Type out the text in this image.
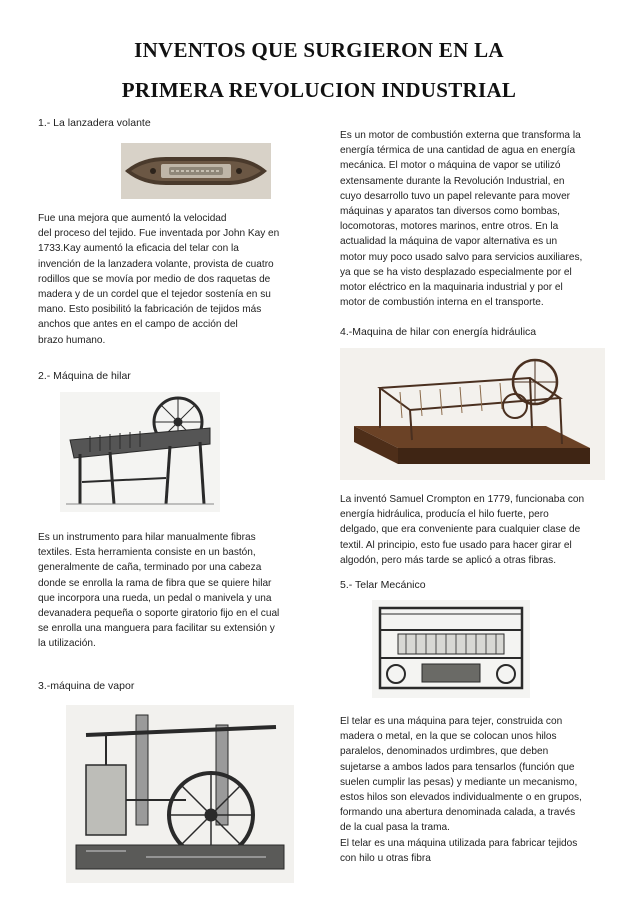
INVENTOS QUE SURGIERON EN LA
PRIMERA REVOLUCION INDUSTRIAL
1.- La lanzadera volante
Fue una mejora que aumentó la velocidad
del proceso del tejido. Fue inventada por John Kay en
1733.Kay aumentó la eficacia del telar con la
invención de la lanzadera volante, provista de cuatro
rodillos que se movía por medio de dos raquetas de
madera y de un cordel que el tejedor sostenía en su
mano. Esto posibilitó la fabricación de tejidos más
anchos que antes en el campo de acción del
brazo humano.
2.- Máquina de hilar
Es un instrumento para hilar manualmente fibras
textiles. Esta herramienta consiste en un bastón,
generalmente de caña, terminado por una cabeza
donde se enrolla la rama de fibra que se quiere hilar
que incorpora una rueda, un pedal o manivela y una
devanadera pequeña o soporte giratorio fijo en el cual
se enrolla una manguera para facilitar su extensión y
la utilización.
3.-máquina de vapor
Es un motor de combustión externa que transforma la
energía térmica de una cantidad de agua en energía
mecánica. El motor o máquina de vapor se utilizó
extensamente durante la Revolución Industrial, en
cuyo desarrollo tuvo un papel relevante para mover
máquinas y aparatos tan diversos como bombas,
locomotoras, motores marinos, entre otros. En la
actualidad la máquina de vapor alternativa es un
motor muy poco usado salvo para servicios auxiliares,
ya que se ha visto desplazado especialmente por el
motor eléctrico en la maquinaria industrial y por el
motor de combustión interna en el transporte.
4.-Maquina de hilar con energía hidráulica
La inventó Samuel Crompton en 1779, funcionaba con
energía hidráulica, producía el hilo fuerte, pero
delgado, que era conveniente para cualquier clase de
textil. Al principio, esto fue usado para hacer girar el
algodón, pero más tarde se aplicó a otras fibras.
5.- Telar Mecánico
El telar es una máquina para tejer, construida con
madera o metal, en la que se colocan unos hilos
paralelos, denominados urdimbres, que deben
sujetarse a ambos lados para tensarlos (función que
suelen cumplir las pesas) y mediante un mecanismo,
estos hilos son elevados individualmente o en grupos,
formando una abertura denominada calada, a través
de la cual pasa la trama.
El telar es una máquina utilizada para fabricar tejidos
con hilo u otras fibra
